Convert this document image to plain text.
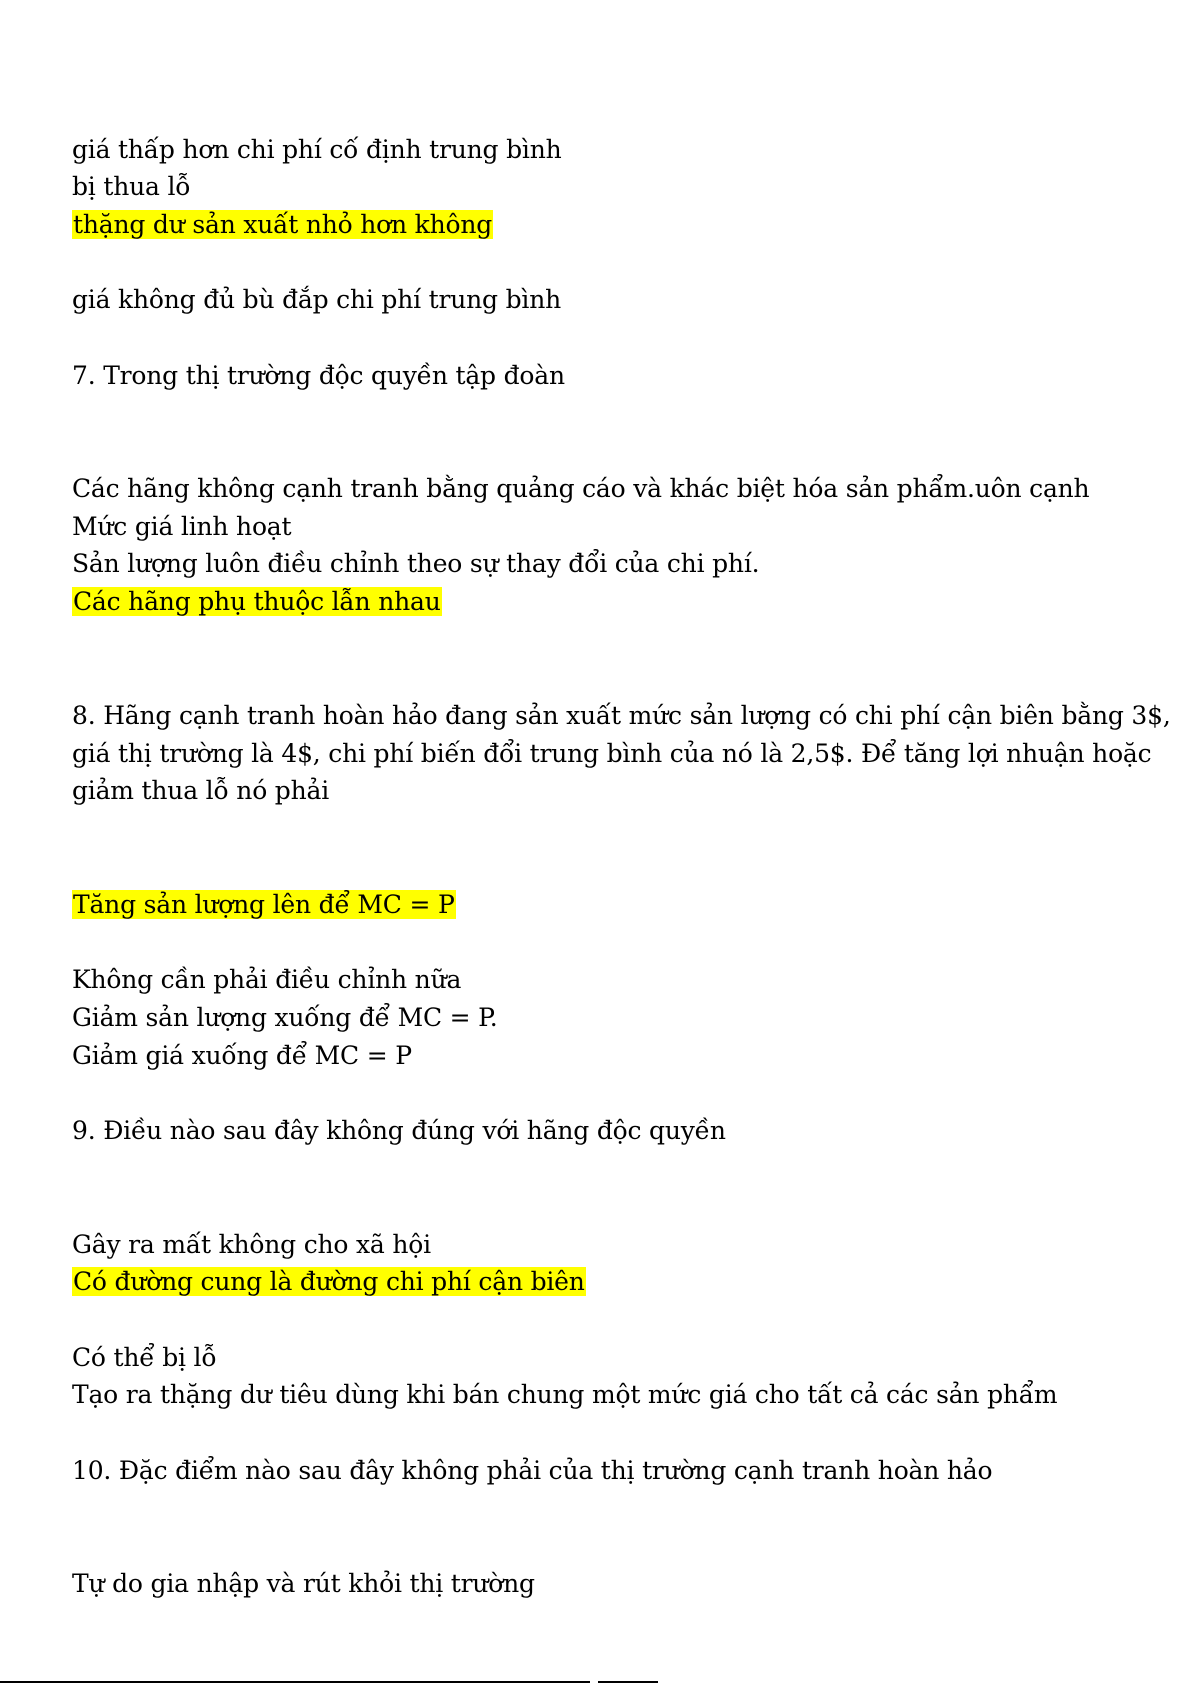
giá thấp hơn chi phí cố định trung bình
bị thua lỗ
thặng dư sản xuất nhỏ hơn không
giá không đủ bù đắp chi phí trung bình
7. Trong thị trường độc quyền tập đoàn
Các hãng không cạnh tranh bằng quảng cáo và khác biệt hóa sản phẩm.uôn cạnh
Mức giá linh hoạt
Sản lượng luôn điều chỉnh theo sự thay đổi của chi phí.
Các hãng phụ thuộc lẫn nhau
8. Hãng cạnh tranh hoàn hảo đang sản xuất mức sản lượng có chi phí cận biên bằng 3$,
giá thị trường là 4$, chi phí biến đổi trung bình của nó là 2,5$. Để tăng lợi nhuận hoặc
giảm thua lỗ nó phải
Tăng sản lượng lên để MC = P
Không cần phải điều chỉnh nữa
Giảm sản lượng xuống để MC = P.
Giảm giá xuống để MC = P
9. Điều nào sau đây không đúng với hãng độc quyền
Gây ra mất không cho xã hội
Có đường cung là đường chi phí cận biên
Có thể bị lỗ
Tạo ra thặng dư tiêu dùng khi bán chung một mức giá cho tất cả các sản phẩm
10. Đặc điểm nào sau đây không phải của thị trường cạnh tranh hoàn hảo
Tự do gia nhập và rút khỏi thị trường
